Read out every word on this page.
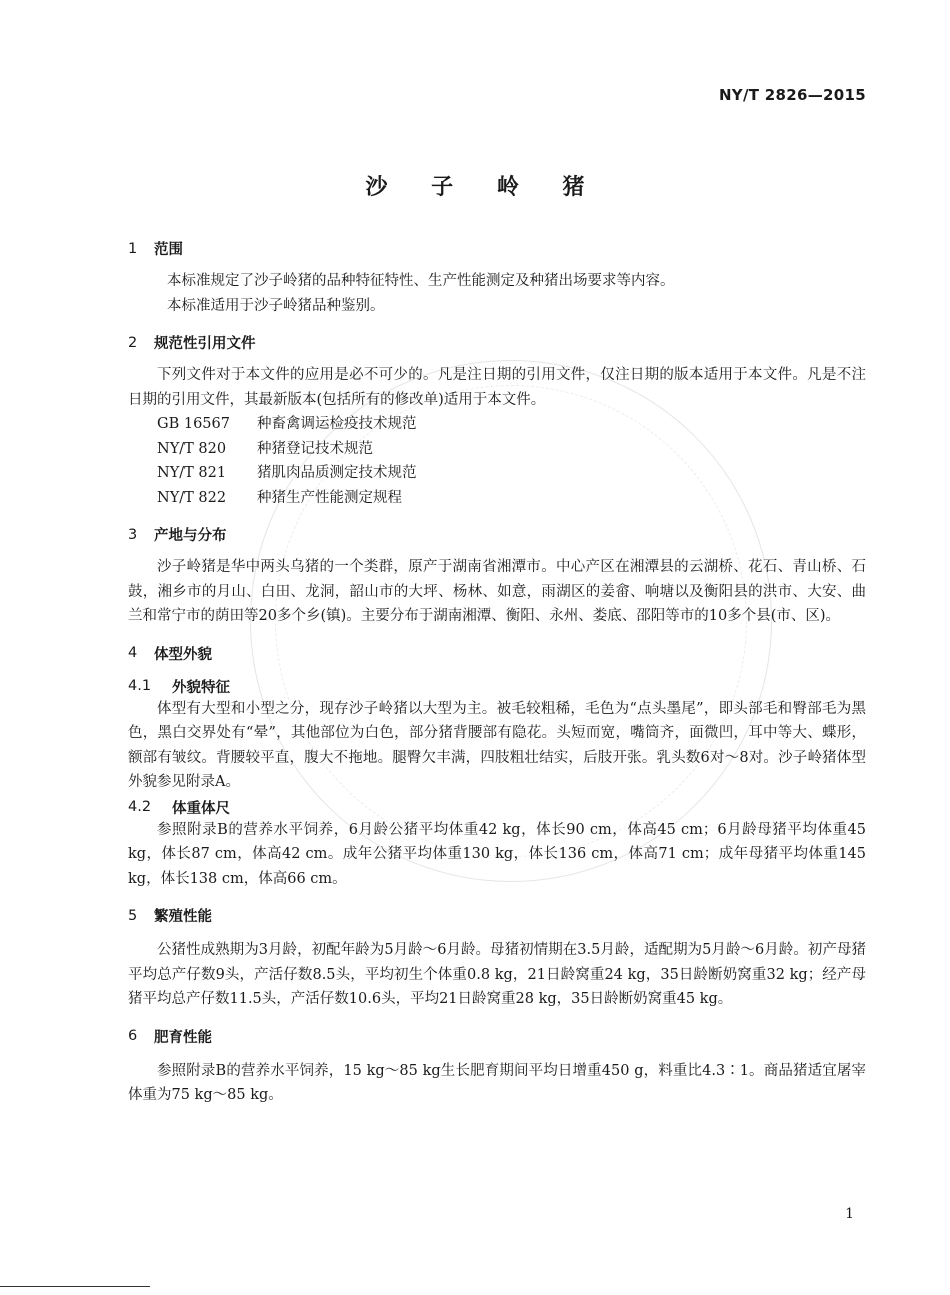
NY/T 2826—2015
沙 子 岭 猪
1	范围

本标准规定了沙子岭猪的品种特征特性、生产性能测定及种猪出场要求等内容。

本标准适用于沙子岭猪品种鉴别。

2	规范性引用文件

下列文件对于本文件的应用是必不可少的。凡是注日期的引用文件，仅注日期的版本适用于本文件。凡是不注日期的引用文件，其最新版本(包括所有的修改单)适用于本文件。

GB 16567	种畜禽调运检疫技术规范
NY/T 820	种猪登记技术规范
NY/T 821	猪肌肉品质测定技术规范
NY/T 822	种猪生产性能测定规程
3	产地与分布

沙子岭猪是华中两头乌猪的一个类群，原产于湖南省湘潭市。中心产区在湘潭县的云湖桥、花石、青山桥、石鼓，湘乡市的月山、白田、龙洞，韶山市的大坪、杨林、如意，雨湖区的姜畲、响塘以及衡阳县的洪市、大安、曲兰和常宁市的荫田等20多个乡(镇)。主要分布于湖南湘潭、衡阳、永州、娄底、邵阳等市的10多个县(市、区)。

4	体型外貌
4.1	外貌特征

体型有大型和小型之分，现存沙子岭猪以大型为主。被毛较粗稀，毛色为“点头墨尾”，即头部毛和臀部毛为黑色，黑白交界处有“晕”，其他部位为白色，部分猪背腰部有隐花。头短而宽，嘴筒齐，面微凹，耳中等大、蝶形，额部有皱纹。背腰较平直，腹大不拖地。腿臀欠丰满，四肢粗壮结实，后肢开张。乳头数6对～8对。沙子岭猪体型外貌参见附录A。

4.2	体重体尺

参照附录B的营养水平饲养，6月龄公猪平均体重42 kg，体长90 cm，体高45 cm；6月龄母猪平均体重45 kg，体长87 cm，体高42 cm。成年公猪平均体重130 kg，体长136 cm，体高71 cm；成年母猪平均体重145 kg，体长138 cm，体高66 cm。

5	繁殖性能

公猪性成熟期为3月龄，初配年龄为5月龄～6月龄。母猪初情期在3.5月龄，适配期为5月龄～6月龄。初产母猪平均总产仔数9头，产活仔数8.5头，平均初生个体重0.8 kg，21日龄窝重24 kg，35日龄断奶窝重32 kg；经产母猪平均总产仔数11.5头，产活仔数10.6头，平均21日龄窝重28 kg，35日龄断奶窝重45 kg。

6	肥育性能

参照附录B的营养水平饲养，15 kg～85 kg生长肥育期间平均日增重450 g，料重比4.3∶1。商品猪适宜屠宰体重为75 kg～85 kg。

1
